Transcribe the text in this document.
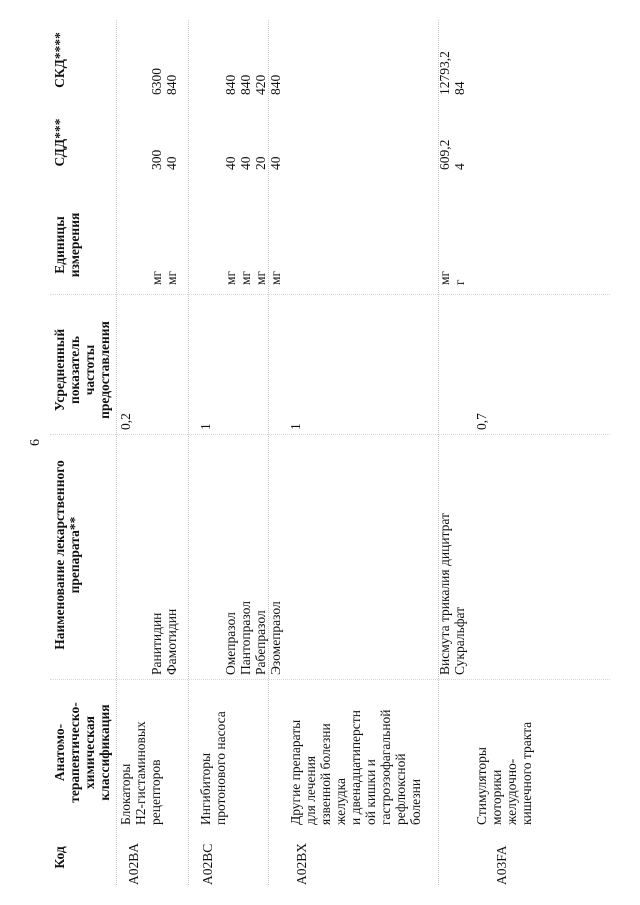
6
Код
Анатомо-
терапевтическо-
химическая
классификация
Наименование лекарственного
препарата**
Усредненный
показатель
частоты
предоставления
Единицы
измерения
СДД***
СКД****
A02BA
Блокаторы
H2-гистаминовых
рецепторов
0,2
Ранитидин Фамотидин
мг мг
300 40
6300 840
A02BC
Ингибиторы
протонового насоса
1
Омепразол Пантопразол Рабепразол Эзомепразол
мг мг мг мг
40 40 20 40
840 840 420 840
A02BX
Другие препараты
для лечения
язвенной болезни
желудка
и двенадцатиперстн
ой кишки и
гастроэзофагальной
рефлюксной
болезни
1
Висмута трикалия дицитрат Сукральфат
мг г
609,2 4
12793,2 84
A03FA
Стимуляторы
моторики
желудочно-
кишечного тракта
0,7
